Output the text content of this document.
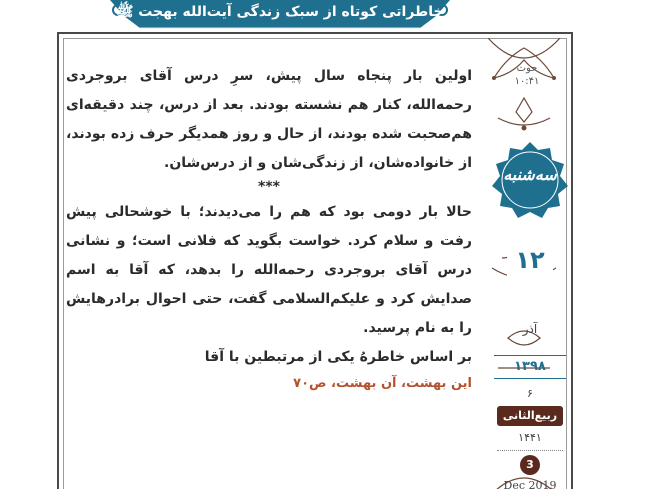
خاطراتی کوتاه از سبک زندگی آیت‌الله بهجت ﷺ
حوت
۱۰:۴۱
سه‌شنبه
۱۲
آذر
۱۳۹۸
۶
ربیع‌الثانی
۱۴۴۱
3
Dec 2019

اولین بار پنجاه سال پیش، سرِ درس آقای بروجردی رحمه‌الله، کنار هم نشسته بودند. بعد از درس، چند دقیقه‌ای هم‌صحبت شده بودند، از حال و روز همدیگر حرف زده بودند، از خانواده‌شان، از زندگی‌شان و از درس‌شان.

***

حالا بار دومی بود که هم را می‌دیدند؛ با خوشحالی پیش رفت و سلام کرد. خواست بگوید که فلانی است؛ و نشانی درس آقای بروجردی رحمه‌الله را بدهد، که آقا به اسم صدایش کرد و علیکم‌السلامی گفت، حتی احوال برادرهایش را به نام پرسید.

بر اساس خاطرهُ یکی از مرتبطین با آقا

این بهشت، آن بهشت، ص۷۰
